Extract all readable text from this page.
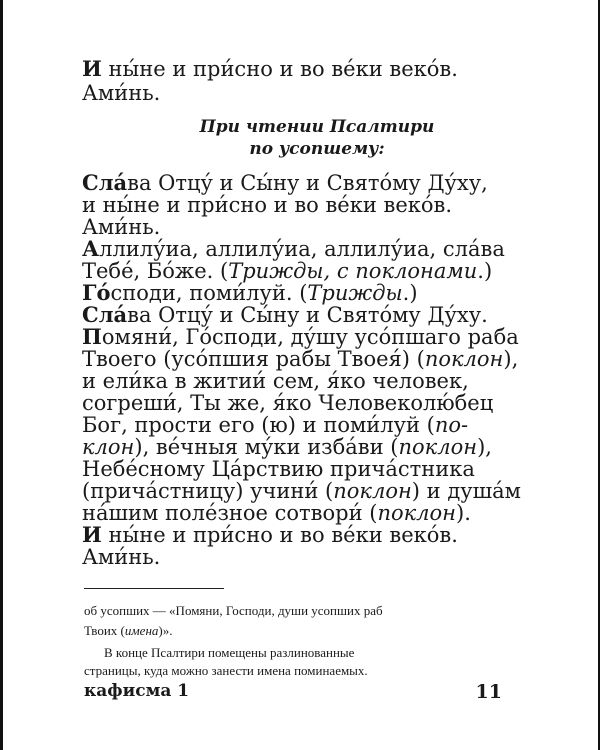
И ны́не и при́сно и во ве́ки веко́в.
Ами́нь.
При чтении Псалтири
по усопшему:
Сла́ва Отцу́ и Сы́ну и Свято́му Ду́ху,
и ны́не и при́сно и во ве́ки веко́в.
Ами́нь.
Аллилу́иа, аллилу́иа, аллилу́иа, сла́ва
Тебе́, Бо́же. (Трижды, с поклонами.)
Го́споди, поми́луй. (Трижды.)
Сла́ва Отцу́ и Сы́ну и Свято́му Ду́ху.
Помяни́, Го́споди, ду́шу усо́пшаго раба
Твоего (усо́пшия рабы Твоея́) (поклон),
и ели́ка в житии́ сем, я́ко человек,
согреши́, Ты же, я́ко Человеколю́бец
Бог, прости его (ю) и поми́луй (по-
клон), ве́чныя му́ки изба́ви (поклон),
Небе́сному Ца́рствию прича́стника
(прича́стницу) учини́ (поклон) и душа́м
на́шим поле́зное сотвори́ (поклон).
И ны́не и при́сно и во ве́ки веко́в.
Ами́нь.
об усопших — «Помяни, Господи, души усопших раб
Твоих (имена)».
В конце Псалтири помещены разлинованные
страницы, куда можно занести имена поминаемых.
кафисма 1	11
